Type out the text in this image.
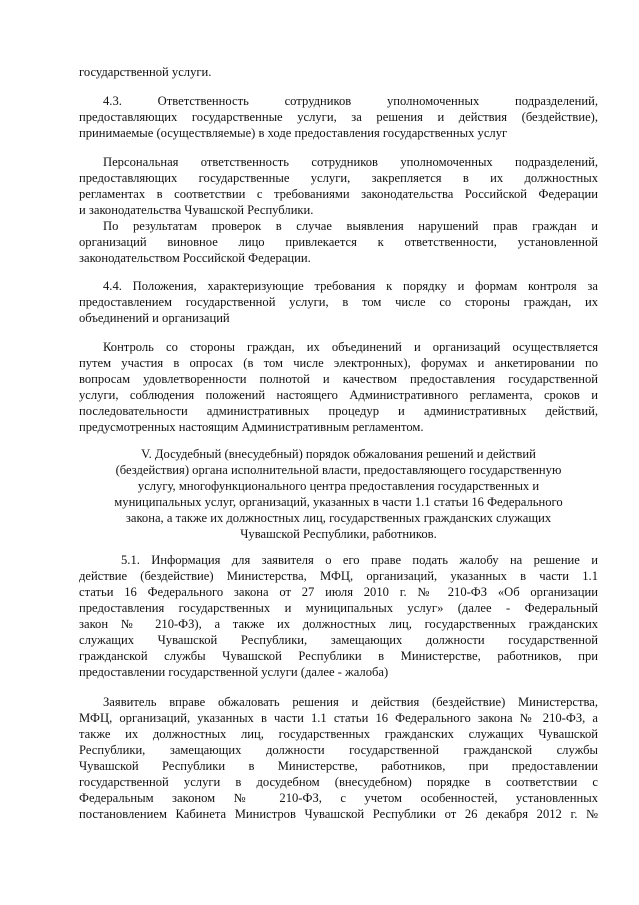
государственной услуги.
4.3. Ответственность сотрудников уполномоченных подразделений,
предоставляющих государственные услуги, за решения и действия (бездействие),
принимаемые (осуществляемые) в ходе предоставления государственных услуг
Персональная ответственность сотрудников уполномоченных подразделений,
предоставляющих государственные услуги, закрепляется в их должностных
регламентах в соответствии с требованиями законодательства Российской Федерации
и законодательства Чувашской Республики.
По результатам проверок в случае выявления нарушений прав граждан и
организаций виновное лицо привлекается к ответственности, установленной
законодательством Российской Федерации.
4.4. Положения, характеризующие требования к порядку и формам контроля за
предоставлением государственной услуги, в том числе со стороны граждан, их
объединений и организаций
Контроль со стороны граждан, их объединений и организаций осуществляется
путем участия в опросах (в том числе электронных), форумах и анкетировании по
вопросам удовлетворенности полнотой и качеством предоставления государственной
услуги, соблюдения положений настоящего Административного регламента, сроков и
последовательности административных процедур и административных действий,
предусмотренных настоящим Административным регламентом.
V. Досудебный (внесудебный) порядок обжалования решений и действий
(бездействия) органа исполнительной власти, предоставляющего государственную
услугу, многофункционального центра предоставления государственных и
муниципальных услуг, организаций, указанных в части 1.1 статьи 16 Федерального
закона, а также их должностных лиц, государственных гражданских служащих
Чувашской Республики, работников.
5.1. Информация для заявителя о его праве подать жалобу на решение и
действие (бездействие) Министерства, МФЦ, организаций, указанных в части 1.1
статьи 16 Федерального закона от 27 июля 2010 г. № 210-ФЗ «Об организации
предоставления государственных и муниципальных услуг» (далее - Федеральный
закон № 210-ФЗ), а также их должностных лиц, государственных гражданских
служащих Чувашской Республики, замещающих должности государственной
гражданской службы Чувашской Республики в Министерстве, работников, при
предоставлении государственной услуги (далее - жалоба)
Заявитель вправе обжаловать решения и действия (бездействие) Министерства,
МФЦ, организаций, указанных в части 1.1 статьи 16 Федерального закона № 210-ФЗ, а
также их должностных лиц, государственных гражданских служащих Чувашской
Республики, замещающих должности государственной гражданской службы
Чувашской Республики в Министерстве, работников, при предоставлении
государственной услуги в досудебном (внесудебном) порядке в соответствии с
Федеральным законом № 210-ФЗ, с учетом особенностей, установленных
постановлением Кабинета Министров Чувашской Республики от 26 декабря 2012 г. №
